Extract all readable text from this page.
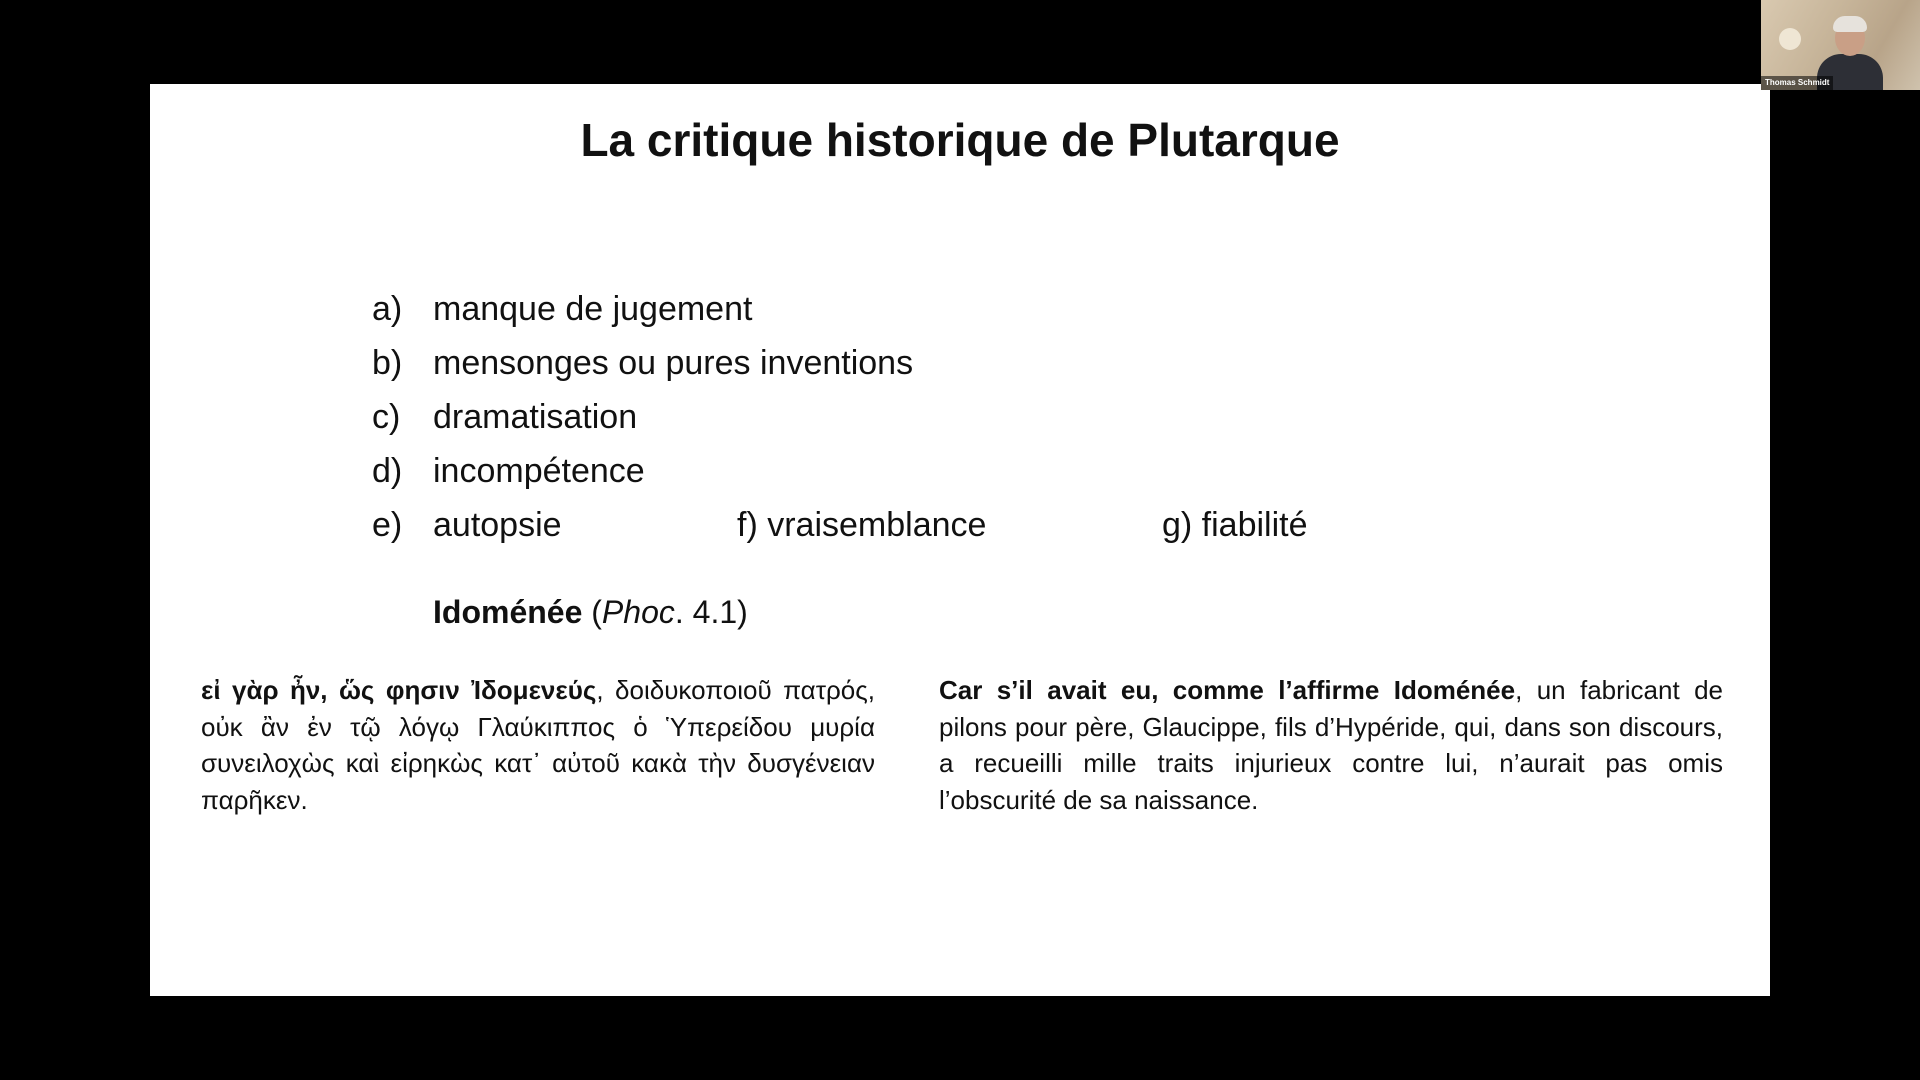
La critique historique de Plutarque
a) manque de jugement
b) mensonges ou pures inventions
c) dramatisation
d) incompétence
e) autopsie	f) vraisemblance	g) fiabilité
Idoménée (Phoc. 4.1)

εἰ γὰρ ἦν, ὥς φησιν Ἰδομενεύς, δοιδυκοποιοῦ πατρός, οὐκ ἂν ἐν τῷ λόγῳ Γλαύκιππος ὁ Ὑπερείδου μυρία συνειλοχὼς καὶ εἰρηκὼς κατ᾽ αὐτοῦ κακὰ τὴν δυσγένειαν παρῆκεν.

Car s’il avait eu, comme l’affirme Idoménée, un fabricant de pilons pour père, Glaucippe, fils d’Hypéride, qui, dans son discours, a recueilli mille traits injurieux contre lui, n’aurait pas omis l’obscurité de sa naissance.

Thomas Schmidt
